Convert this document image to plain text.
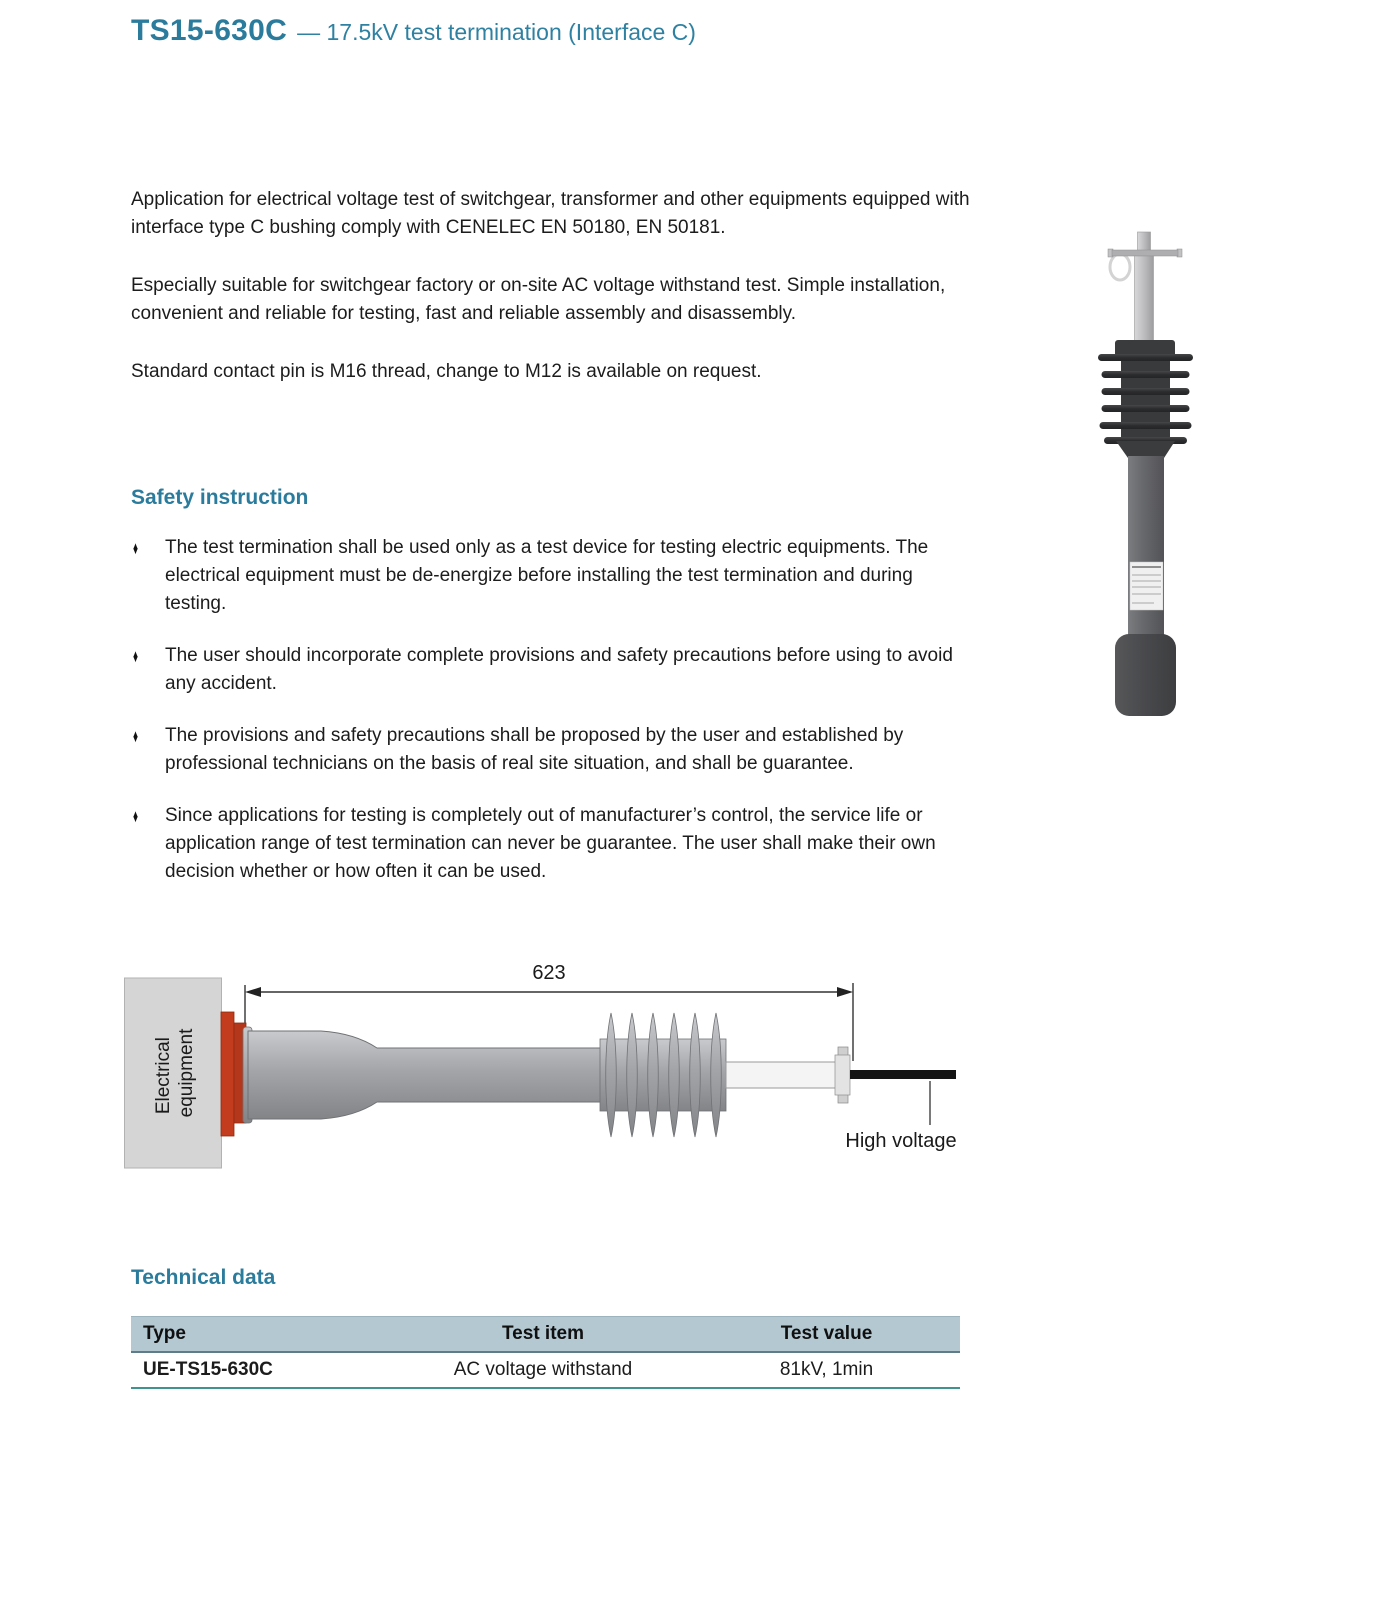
TS15-630C — 17.5kV test termination (Interface C)

Application for electrical voltage test of switchgear, transformer and other equipments equipped with interface type C bushing comply with CENELEC EN 50180, EN 50181.

Especially suitable for switchgear factory or on-site AC voltage withstand test. Simple installation, convenient and reliable for testing, fast and reliable assembly and disassembly.

Standard contact pin is M16 thread, change to M12 is available on request.

Safety instruction
♦	The test termination shall be used only as a test device for testing electric equipments. The electrical equipment must be de-energize before installing the test termination and during testing.
♦	The user should incorporate complete provisions and safety precautions before using to avoid any accident.
♦	The provisions and safety precautions shall be proposed by the user and established by professional technicians on the basis of real site situation, and shall be guarantee.
♦	Since applications for testing is completely out of manufacturer’s control, the service life or application range of test termination can never be guarantee. The user shall make their own decision whether or how often it can be used.
623
Electrical equipment
High voltage
Technical data
Type	Test item	Test value
UE-TS15-630C	AC voltage withstand	81kV, 1min
